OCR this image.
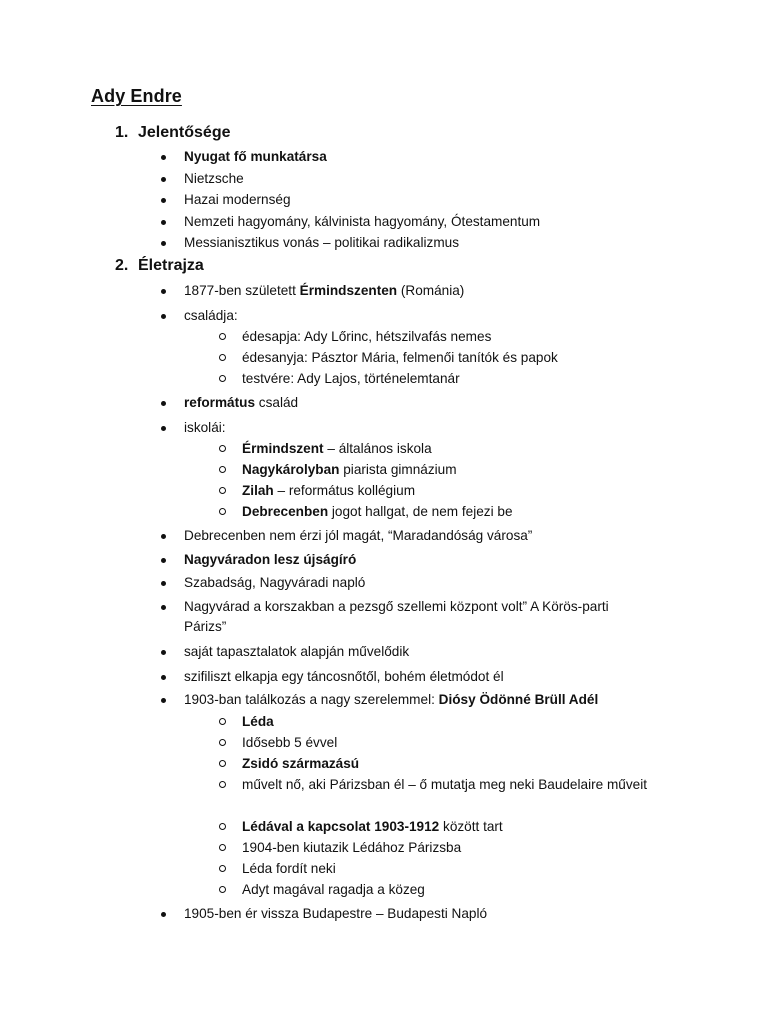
Ady Endre
1. Jelentősége
Nyugat fő munkatársa
Nietzsche
Hazai modernség
Nemzeti hagyomány, kálvinista hagyomány, Ótestamentum
Messianisztikus vonás – politikai radikalizmus
2. Életrajza
1877-ben született Érmindszenten (Románia)
családja:
édesapja: Ady Lőrinc, hétszilvafás nemes
édesanyja: Pásztor Mária, felmenői tanítók és papok
testvére: Ady Lajos, történelemtanár
református család
iskolái:
Érmindszent – általános iskola
Nagykárolyban piarista gimnázium
Zilah – református kollégium
Debrecenben jogot hallgat, de nem fejezi be
Debrecenben nem érzi jól magát, “Maradandóság városa”
Nagyváradon lesz újságíró
Szabadság, Nagyváradi napló
Nagyvárad a korszakban a pezsgő szellemi központ volt” A Körös-parti Párizs”
saját tapasztalatok alapján művelődik
szifiliszt elkapja egy táncosnőtől, bohém életmódot él
1903-ban találkozás a nagy szerelemmel: Diósy Ödönné Brüll Adél
Léda
Idősebb 5 évvel
Zsidó származású
művelt nő, aki Párizsban él – ő mutatja meg neki Baudelaire műveit
Lédával a kapcsolat 1903-1912 között tart
1904-ben kiutazik Lédához Párizsba
Léda fordít neki
Adyt magával ragadja a közeg
1905-ben ér vissza Budapestre – Budapesti Napló
